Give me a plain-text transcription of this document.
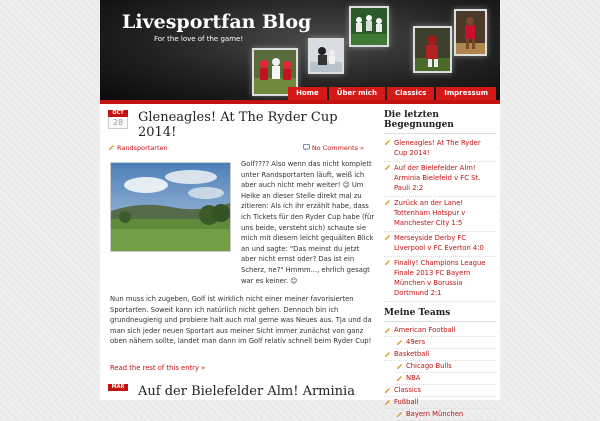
Livesportfan Blog
For the love of the game!
Home	Über mich	Classics	Impressum
OCT
28	Gleneagles! At The Ryder Cup 2014!
Randsportarten	No Comments »

Golf???? Also wenn das nicht komplett unter Randsportarten läuft, weiß ich aber auch nicht mehr weiter! 😉 Um Heike an dieser Stelle direkt mal zu zitieren: Als ich ihr erzählt habe, dass ich Tickets für den Ryder Cup habe (für uns beide, versteht sich) schaute sie mich mit diesem leicht gequälten Blick an und sagte: "Das meinst du jetzt aber nicht ernst oder? Das ist ein Scherz, ne?" Hmmm..., ehrlich gesagt war es keiner. 😉

Nun muss ich zugeben, Golf ist wirklich nicht einer meiner favorisierten Sportarten. Soweit kann ich natürlich nicht gehen. Dennoch bin ich grundneugierig und probiere halt auch mal gerne was Neues aus. Tja und da man sich jeder neuen Sportart aus meiner Sicht immer zunächst von ganz oben nähern sollte, landet man dann im Golf relativ schnell beim Ryder Cup!

Read the rest of this entry »
MAR Auf der Bielefelder Alm! Arminia
Die letzten Begegnungen
Gleneagles! At The Ryder Cup 2014!
Auf der Bielefelder Alm! Arminia Bielefeld v FC St. Pauli 2:2
Zurück an der Lane! Tottenham Hotspur v Manchester City 1:5
Merseyside Derby FC Liverpool v FC Everton 4:0
Finally! Champions League Finale 2013 FC Bayern München v Borussia Dortmund 2:1
Meine Teams
American Football
49ers
Basketball
Chicago Bulls
NBA
Classics
Fußball
Bayern München
